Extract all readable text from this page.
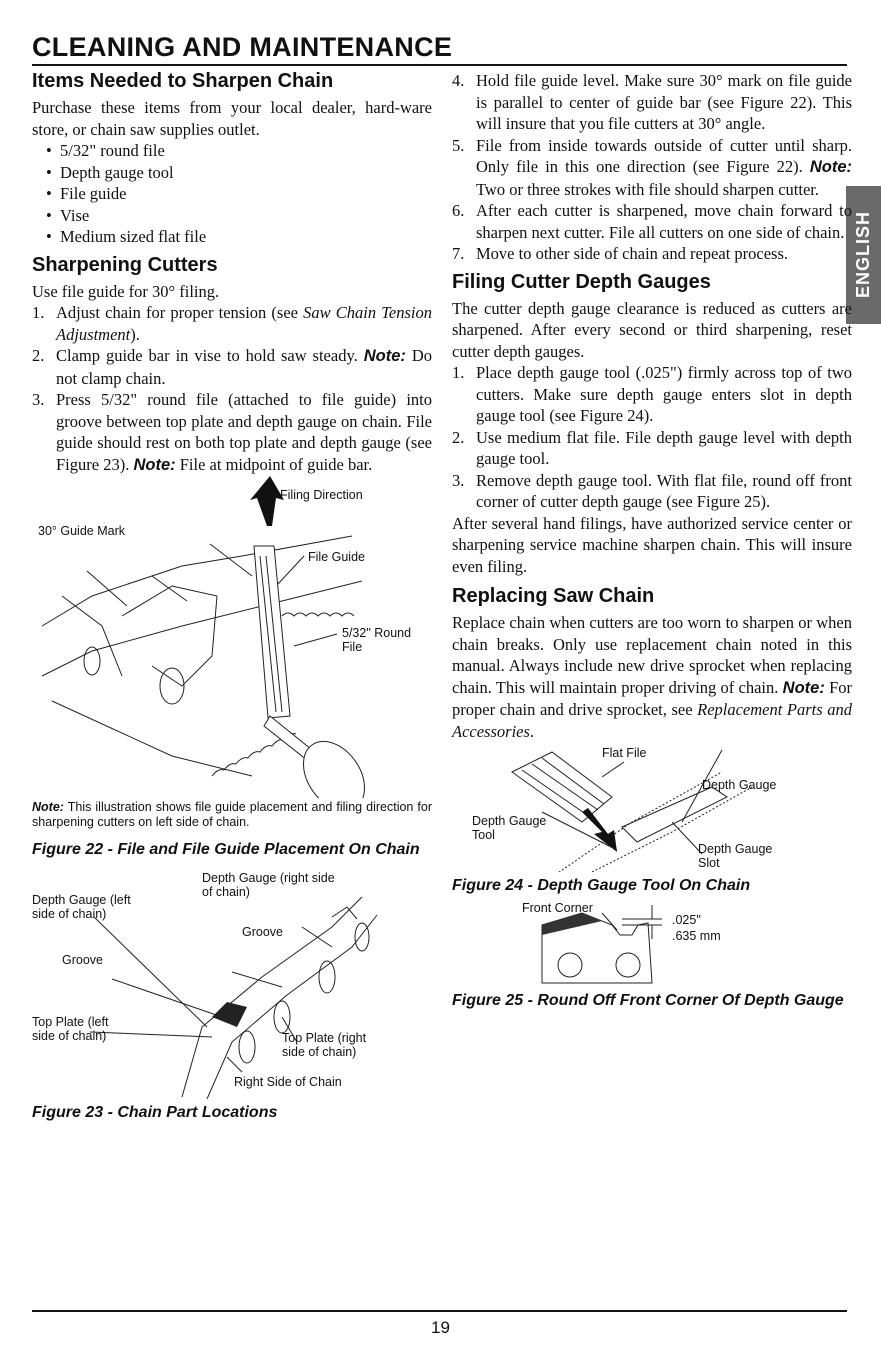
CLEANING AND MAINTENANCE
ENGLISH
Items Needed to Sharpen Chain

Purchase these items from your local dealer, hard-ware store, or chain saw supplies outlet.

• 5/32" round file
• Depth gauge tool
• File guide
• Vise
• Medium sized flat file
Sharpening Cutters

Use file guide for 30° filing.

1. Adjust chain for proper tension (see Saw Chain Tension Adjustment).
2. Clamp guide bar in vise to hold saw steady. Note: Do not clamp chain.
3. Press 5/32" round file (attached to file guide) into groove between top plate and depth gauge on chain. File guide should rest on both top plate and depth gauge (see Figure 23). Note: File at midpoint of guide bar.
Filing Direction
30° Guide Mark
File Guide
5/32" Round File
Note: This illustration shows file guide placement and filing direction for sharpening cutters on left side of chain.
Figure 22 - File and File Guide Placement On Chain
Depth Gauge (left side of chain)
Depth Gauge (right side of chain)
Groove
Groove
Top Plate (left side of chain)	Top Plate (right side of chain)
Right Side of Chain
Figure 23 - Chain Part Locations
4. Hold file guide level. Make sure 30° mark on file guide is parallel to center of guide bar (see Figure 22). This will insure that you file cutters at 30° angle.
5. File from inside towards outside of cutter until sharp. Only file in this one direction (see Figure 22). Note: Two or three strokes with file should sharpen cutter.
6. After each cutter is sharpened, move chain forward to sharpen next cutter. File all cutters on one side of chain.
7. Move to other side of chain and repeat process.
Filing Cutter Depth Gauges

The cutter depth gauge clearance is reduced as cutters are sharpened. After every second or third sharpening, reset cutter depth gauges.

1. Place depth gauge tool (.025") firmly across top of two cutters. Make sure depth gauge enters slot in depth gauge tool (see Figure 24).
2. Use medium flat file. File depth gauge level with depth gauge tool.
3. Remove depth gauge tool. With flat file, round off front corner of cutter depth gauge (see Figure 25).

After several hand filings, have authorized service center or sharpening service machine sharpen chain. This will insure even filing.

Replacing Saw Chain

Replace chain when cutters are too worn to sharpen or when chain breaks. Only use replacement chain noted in this manual. Always include new drive sprocket when replacing chain. This will maintain proper driving of chain. Note: For proper chain and drive sprocket, see Replacement Parts and Accessories.

Flat File
Depth Gauge
Depth Gauge Tool
Depth Gauge Slot
Figure 24 - Depth Gauge Tool On Chain
Front Corner
.025"
.635 mm
Figure 25 - Round Off Front Corner Of Depth Gauge
19
